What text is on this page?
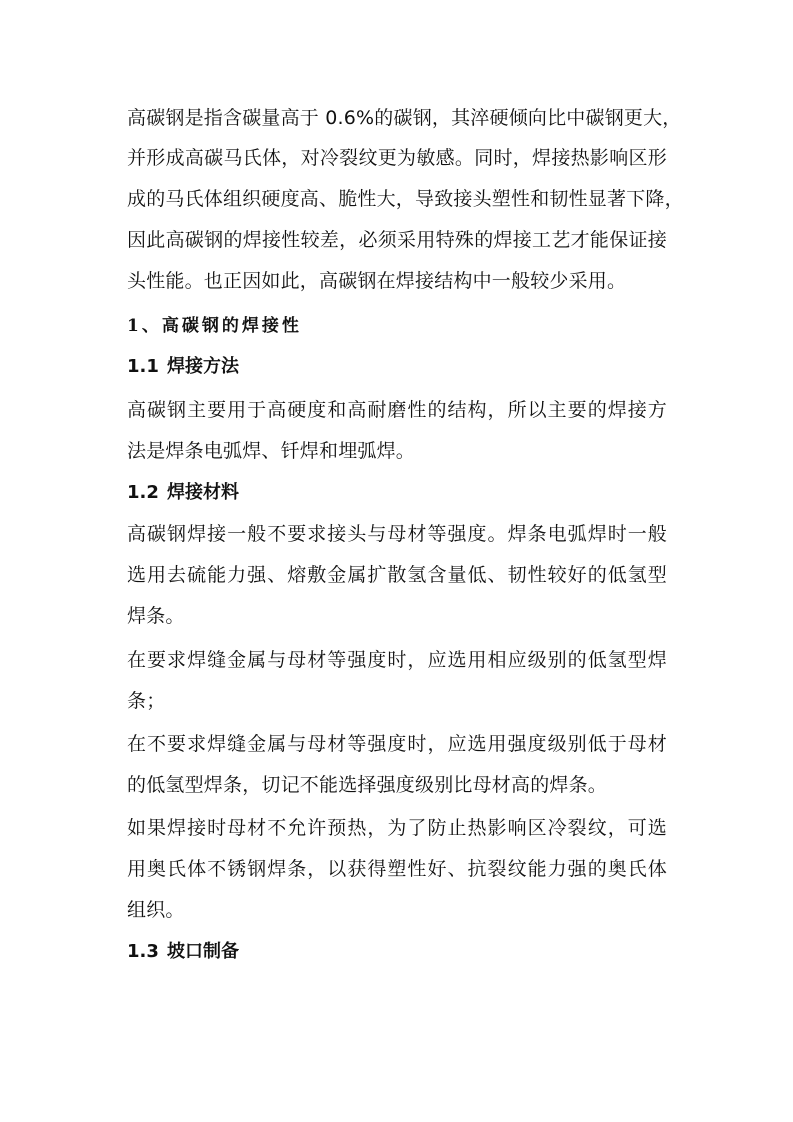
高碳钢是指含碳量高于 0.6%的碳钢，其淬硬倾向比中碳钢更大，
并形成高碳马氏体，对冷裂纹更为敏感。同时，焊接热影响区形
成的马氏体组织硬度高、脆性大，导致接头塑性和韧性显著下降，
因此高碳钢的焊接性较差，必须采用特殊的焊接工艺才能保证接
头性能。也正因如此，高碳钢在焊接结构中一般较少采用。
1、高碳钢的焊接性
1.1 焊接方法
高碳钢主要用于高硬度和高耐磨性的结构，所以主要的焊接方
法是焊条电弧焊、钎焊和埋弧焊。
1.2 焊接材料
高碳钢焊接一般不要求接头与母材等强度。焊条电弧焊时一般
选用去硫能力强、熔敷金属扩散氢含量低、韧性较好的低氢型
焊条。
在要求焊缝金属与母材等强度时，应选用相应级别的低氢型焊
条；
在不要求焊缝金属与母材等强度时，应选用强度级别低于母材
的低氢型焊条，切记不能选择强度级别比母材高的焊条。
如果焊接时母材不允许预热，为了防止热影响区冷裂纹，可选
用奥氏体不锈钢焊条，以获得塑性好、抗裂纹能力强的奥氏体
组织。
1.3 坡口制备
